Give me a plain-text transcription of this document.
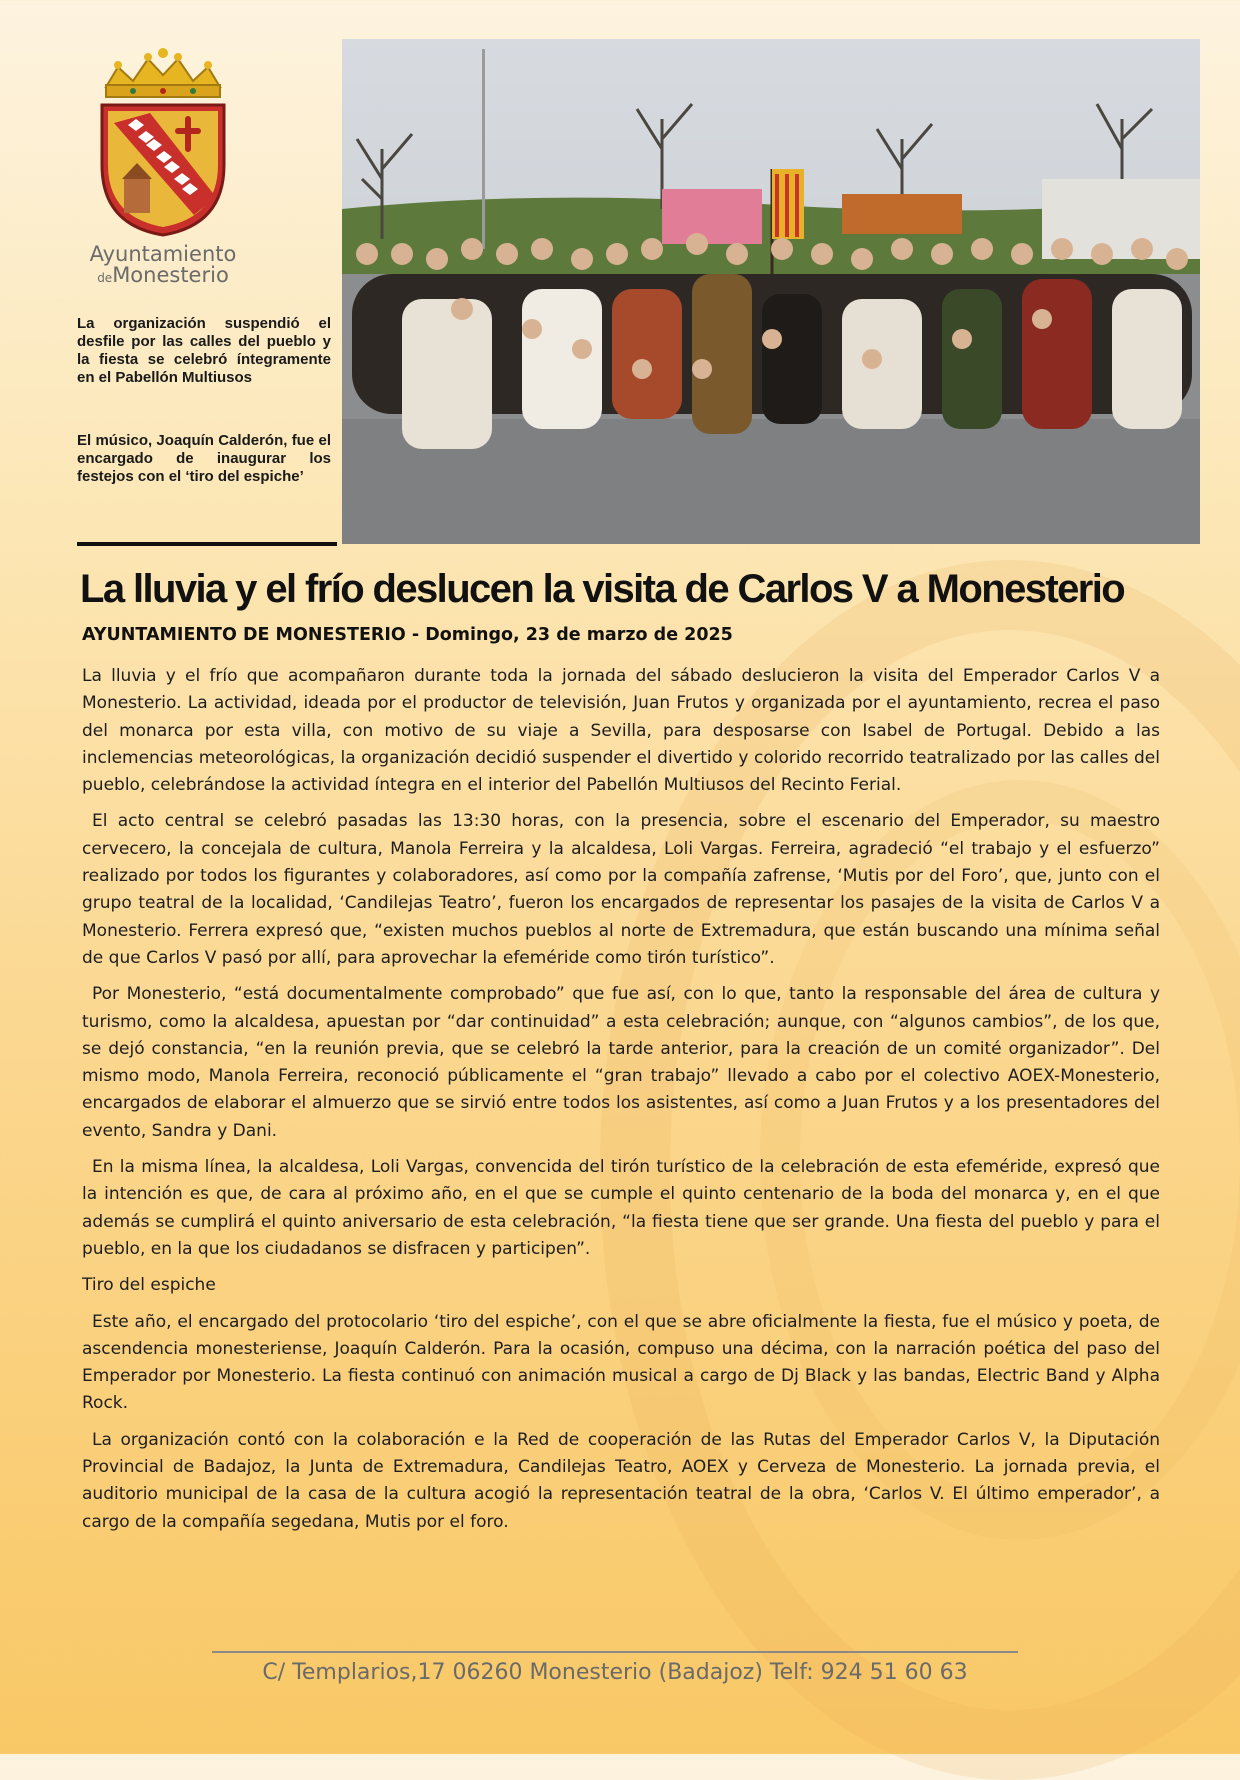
Ayuntamiento
deMonesterio

La organización suspendió el desfile por las calles del pueblo y la fiesta se celebró íntegramente en el Pabellón Multiusos

El músico, Joaquín Calderón, fue el encargado de inaugurar los festejos con el ‘tiro del espiche’

La lluvia y el frío deslucen la visita de Carlos V a Monesterio

AYUNTAMIENTO DE MONESTERIO - Domingo, 23 de marzo de 2025

La lluvia y el frío que acompañaron durante toda la jornada del sábado deslucieron la visita del Emperador Carlos V a Monesterio. La actividad, ideada por el productor de televisión, Juan Frutos y organizada por el ayuntamiento, recrea el paso del monarca por esta villa, con motivo de su viaje a Sevilla, para desposarse con Isabel de Portugal. Debido a las inclemencias meteorológicas, la organización decidió suspender el divertido y colorido recorrido teatralizado por las calles del pueblo, celebrándose la actividad íntegra en el interior del Pabellón Multiusos del Recinto Ferial.

El acto central se celebró pasadas las 13:30 horas, con la presencia, sobre el escenario del Emperador, su maestro cervecero, la concejala de cultura, Manola Ferreira y la alcaldesa, Loli Vargas. Ferreira, agradeció “el trabajo y el esfuerzo” realizado por todos los figurantes y colaboradores, así como por la compañía zafrense, ‘Mutis por del Foro’, que, junto con el grupo teatral de la localidad, ‘Candilejas Teatro’, fueron los encargados de representar los pasajes de la visita de Carlos V a Monesterio. Ferrera expresó que, “existen muchos pueblos al norte de Extremadura, que están buscando una mínima señal de que Carlos V pasó por allí, para aprovechar la efeméride como tirón turístico”.

Por Monesterio, “está documentalmente comprobado” que fue así, con lo que, tanto la responsable del área de cultura y turismo, como la alcaldesa, apuestan por “dar continuidad” a esta celebración; aunque, con “algunos cambios”, de los que, se dejó constancia, “en la reunión previa, que se celebró la tarde anterior, para la creación de un comité organizador”. Del mismo modo, Manola Ferreira, reconoció públicamente el “gran trabajo” llevado a cabo por el colectivo AOEX-Monesterio, encargados de elaborar el almuerzo que se sirvió entre todos los asistentes, así como a Juan Frutos y a los presentadores del evento, Sandra y Dani.

En la misma línea, la alcaldesa, Loli Vargas, convencida del tirón turístico de la celebración de esta efeméride, expresó que la intención es que, de cara al próximo año, en el que se cumple el quinto centenario de la boda del monarca y, en el que además se cumplirá el quinto aniversario de esta celebración, “la fiesta tiene que ser grande. Una fiesta del pueblo y para el pueblo, en la que los ciudadanos se disfracen y participen”.

Tiro del espiche

Este año, el encargado del protocolario ‘tiro del espiche’, con el que se abre oficialmente la fiesta, fue el músico y poeta, de ascendencia monesteriense, Joaquín Calderón. Para la ocasión, compuso una décima, con la narración poética del paso del Emperador por Monesterio. La fiesta continuó con animación musical a cargo de Dj Black y las bandas, Electric Band y Alpha Rock.

La organización contó con la colaboración e la Red de cooperación de las Rutas del Emperador Carlos V, la Diputación Provincial de Badajoz, la Junta de Extremadura, Candilejas Teatro, AOEX y Cerveza de Monesterio. La jornada previa, el auditorio municipal de la casa de la cultura acogió la representación teatral de la obra, ‘Carlos V. El último emperador’, a cargo de la compañía segedana, Mutis por el foro.

C/ Templarios,17 06260 Monesterio (Badajoz) Telf: 924 51 60 63
